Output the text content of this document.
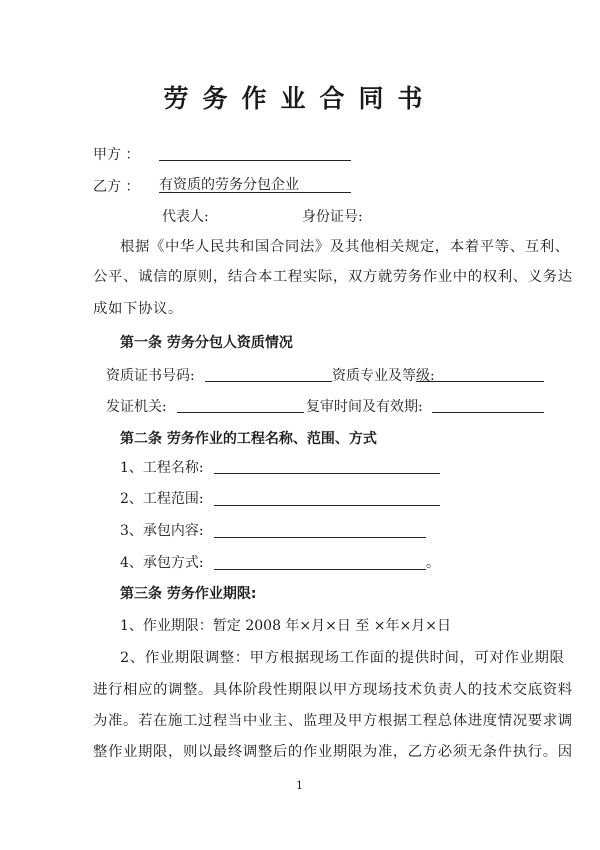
劳务作业合同书
甲方 ：
乙方 ： 有资质的劳务分包企业
代表人:	身份证号:
根据《中华人民共和国合同法》及其他相关规定，本着平等、互利、
公平、诚信的原则，结合本工程实际，双方就劳务作业中的权利、义务达
成如下协议。
第一条 劳务分包人资质情况
资质证书号码:	资质专业及等级:
发证机关:	复审时间及有效期:
第二条 劳务作业的工程名称、范围、方式
1、工程名称:
2、工程范围:
3、承包内容:
4、承包方式:	。
第三条 劳务作业期限:
1、作业期限：暂定 2008 年×月×日 至 ×年×月×日
2、作业期限调整：甲方根据现场工作面的提供时间，可对作业期限
进行相应的调整。具体阶段性期限以甲方现场技术负责人的技术交底资料
为准。若在施工过程当中业主、监理及甲方根据工程总体进度情况要求调
整作业期限，则以最终调整后的作业期限为准，乙方必须无条件执行。因
1
